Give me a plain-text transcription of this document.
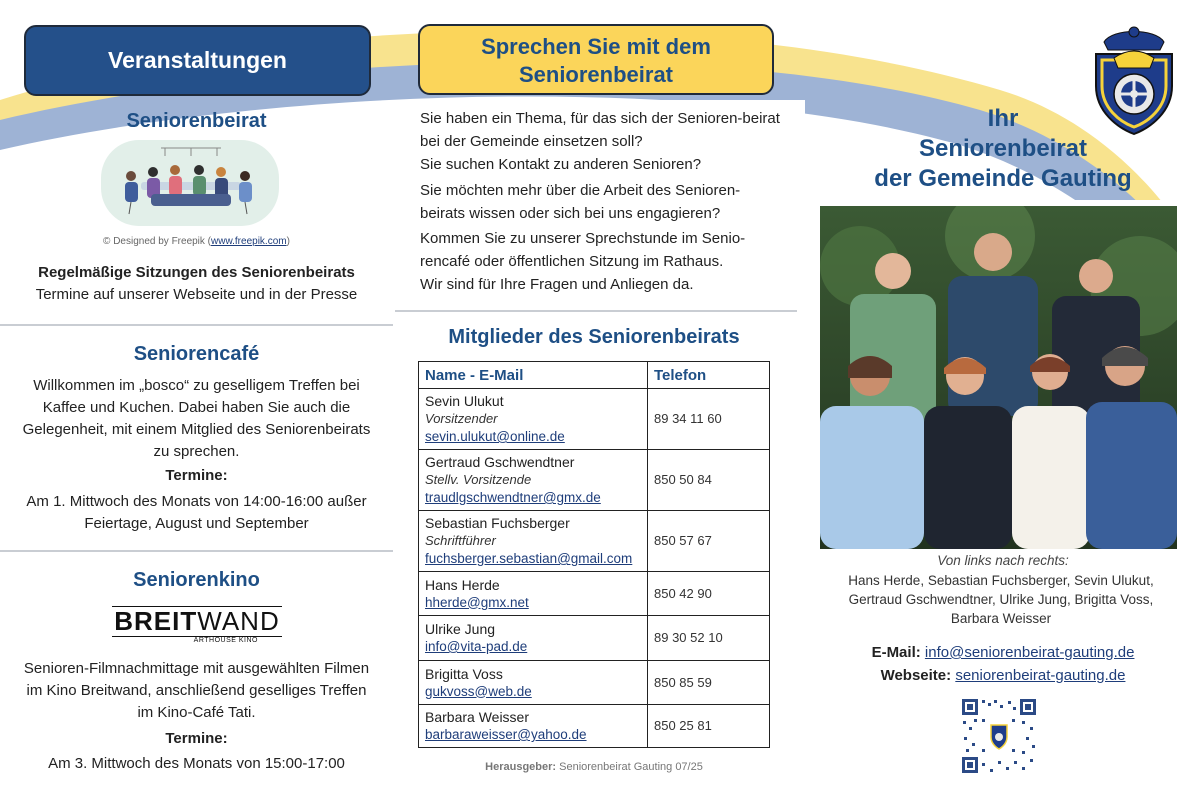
Veranstaltungen
Seniorenbeirat
© Designed by Freepik (www.freepik.com)
Regelmäßige Sitzungen des Seniorenbeirats
Termine auf unserer Webseite und in der Presse
Seniorencafé
Willkommen im „bosco“ zu geselligem Treffen bei Kaffee und Kuchen. Dabei haben Sie auch die Gelegenheit, mit einem Mitglied des Seniorenbeirats zu sprechen.
Termine:
Am 1. Mittwoch des Monats von 14:00-16:00 außer Feiertage, August und September
Seniorenkino
BREITWAND
ARTHOUSE KINO
Senioren-Filmnachmittage mit ausgewählten Filmen im Kino Breitwand, anschließend geselliges Treffen im Kino-Café Tati.
Termine:
Am 3. Mittwoch des Monats von 15:00-17:00
Sprechen Sie mit dem Seniorenbeirat
Sie haben ein Thema, für das sich der Senioren-beirat bei der Gemeinde einsetzen soll?
Sie suchen Kontakt zu anderen Senioren?
Sie möchten mehr über die Arbeit des Senioren-beirats wissen oder sich bei uns engagieren?
Kommen Sie zu unserer Sprechstunde im Senio-rencafé oder öffentlichen Sitzung im Rathaus.
Wir sind für Ihre Fragen und Anliegen da.
Mitglieder des Seniorenbeirats
Name - E-Mail	Telefon

Sevin Ulukut
Vorsitzender
sevin.ulukut@online.de	89 34 11 60

Gertraud Gschwendtner
Stellv. Vorsitzende
traudlgschwendtner@gmx.de	850 50 84

Sebastian Fuchsberger
Schriftführer
fuchsberger.sebastian@gmail.com	850 57 67

Hans Herde
hherde@gmx.net	850 42 90

Ulrike Jung
info@vita-pad.de	89 30 52 10

Brigitta Voss
gukvoss@web.de	850 85 59

Barbara Weisser
barbaraweisser@yahoo.de	850 25 81
Herausgeber: Seniorenbeirat Gauting 07/25
Ihr
Seniorenbeirat
der Gemeinde Gauting
Von links nach rechts:
Hans Herde, Sebastian Fuchsberger, Sevin Ulukut, Gertraud Gschwendtner, Ulrike Jung, Brigitta Voss, Barbara Weisser
E-Mail: info@seniorenbeirat-gauting.de
Webseite: seniorenbeirat-gauting.de
